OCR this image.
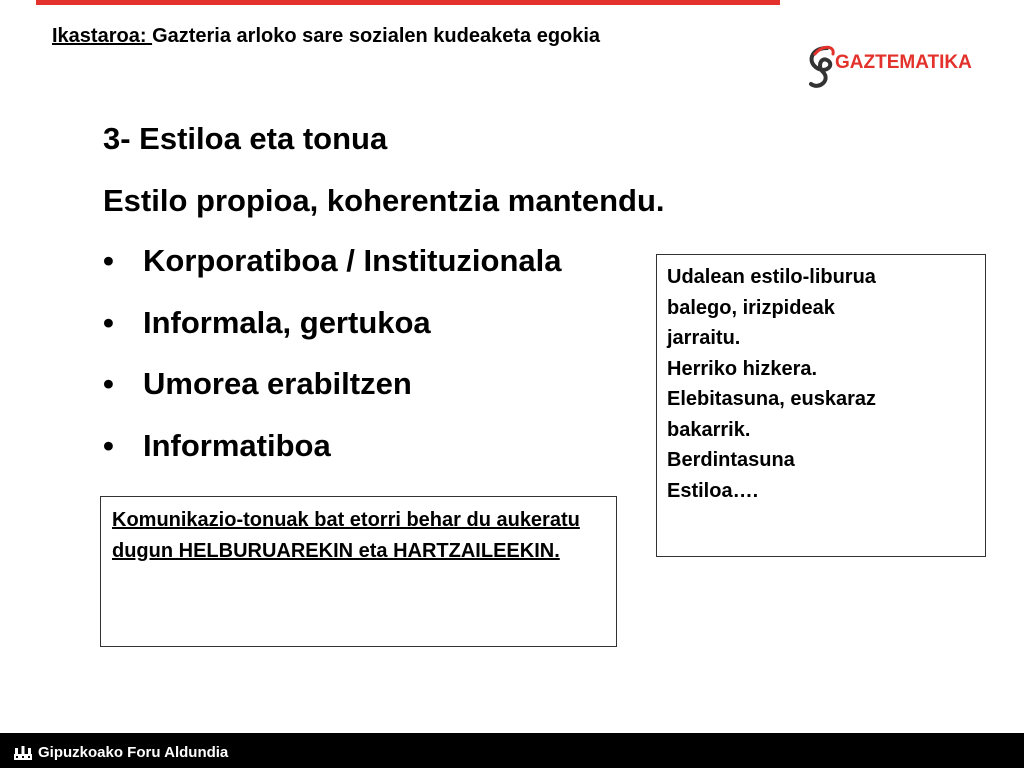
Ikastaroa: Gazteria arloko sare sozialen kudeaketa egokia
GAZTEMATIKA
3- Estiloa eta tonua
Estilo propioa, koherentzia mantendu.
• Korporatiboa / Instituzionala
• Informala, gertukoa
• Umorea erabiltzen
• Informatiboa
Udalean estilo-liburua
balego, irizpideak
jarraitu.
Herriko hizkera.
Elebitasuna, euskaraz
bakarrik.
Berdintasuna
Estiloa….
Komunikazio-tonuak bat etorri behar du aukeratu dugun HELBURUAREKIN eta HARTZAILEEKIN.
Gipuzkoako Foru Aldundia
